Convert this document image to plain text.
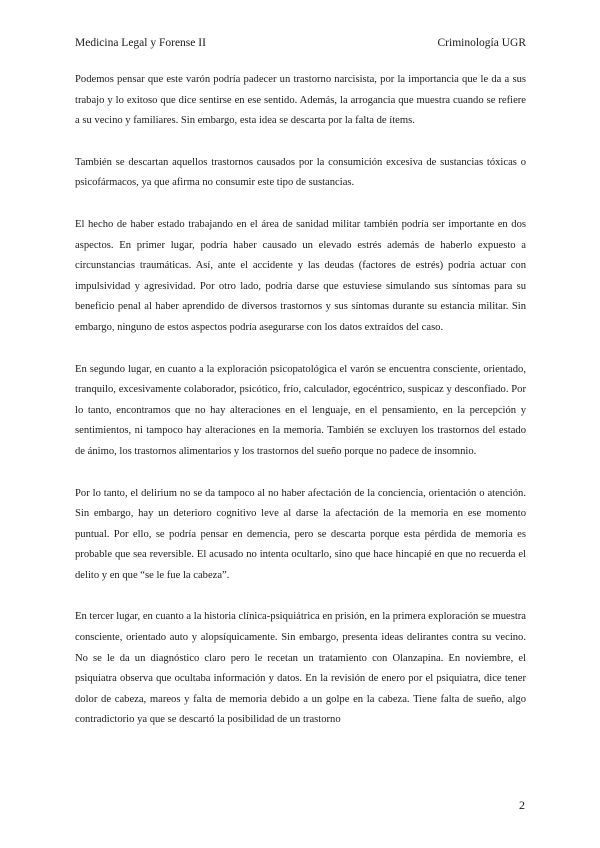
Medicina Legal y Forense II	Criminología UGR

Podemos pensar que este varón podría padecer un trastorno narcisista, por la importancia que le da a sus trabajo y lo exitoso que dice sentirse en ese sentido. Además, la arrogancia que muestra cuando se refiere a su vecino y familiares. Sin embargo, esta idea se descarta por la falta de ítems.

También se descartan aquellos trastornos causados por la consumición excesiva de sustancias tóxicas o psicofármacos, ya que afirma no consumir este tipo de sustancias.

El hecho de haber estado trabajando en el área de sanidad militar también podría ser importante en dos aspectos. En primer lugar, podría haber causado un elevado estrés además de haberlo expuesto a circunstancias traumáticas. Así, ante el accidente y las deudas (factores de estrés) podría actuar con impulsividad y agresividad. Por otro lado, podría darse que estuviese simulando sus síntomas para su beneficio penal al haber aprendido de diversos trastornos y sus síntomas durante su estancia militar. Sin embargo, ninguno de estos aspectos podría asegurarse con los datos extraídos del caso.

En segundo lugar, en cuanto a la exploración psicopatológica el varón se encuentra consciente, orientado, tranquilo, excesivamente colaborador, psicótico, frío, calculador, egocéntrico, suspicaz y desconfiado. Por lo tanto, encontramos que no hay alteraciones en el lenguaje, en el pensamiento, en la percepción y sentimientos, ni tampoco hay alteraciones en la memoria. También se excluyen los trastornos del estado de ánimo, los trastornos alimentarios y los trastornos del sueño porque no padece de insomnio.

Por lo tanto, el delirium no se da tampoco al no haber afectación de la conciencia, orientación o atención. Sin embargo, hay un deterioro cognitivo leve al darse la afectación de la memoria en ese momento puntual. Por ello, se podría pensar en demencia, pero se descarta porque esta pérdida de memoria es probable que sea reversible. El acusado no intenta ocultarlo, sino que hace hincapié en que no recuerda el delito y en que “se le fue la cabeza”.

En tercer lugar, en cuanto a la historia clínica-psiquiátrica en prisión, en la primera exploración se muestra consciente, orientado auto y alopsíquicamente. Sin embargo, presenta ideas delirantes contra su vecino. No se le da un diagnóstico claro pero le recetan un tratamiento con Olanzapina. En noviembre, el psiquiatra observa que ocultaba información y datos. En la revisión de enero por el psiquiatra, dice tener dolor de cabeza, mareos y falta de memoria debido a un golpe en la cabeza. Tiene falta de sueño, algo contradictorio ya que se descartó la posibilidad de un trastorno

2
